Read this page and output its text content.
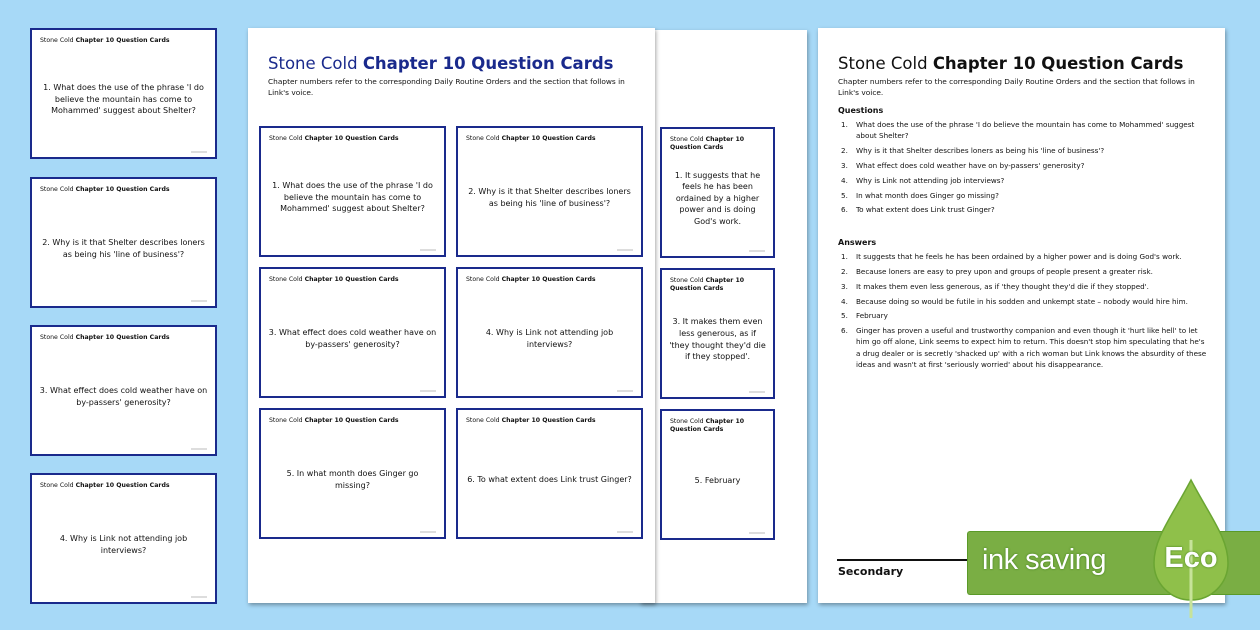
Stone Cold Chapter 10 Question Cards
1. What does the use of the phrase 'I do believe the mountain has come to Mohammed' suggest about Shelter?
Stone Cold Chapter 10 Question Cards
2. Why is it that Shelter describes loners as being his 'line of business'?
Stone Cold Chapter 10 Question Cards
3. What effect does cold weather have on by-passers' generosity?
Stone Cold Chapter 10 Question Cards
4. Why is Link not attending job interviews?
Stone Cold Chapter 10 Question Cards
1. It suggests that he feels he has been ordained by a higher power and is doing God's work.
Stone Cold Chapter 10 Question Cards
3. It makes them even less generous, as if 'they thought they'd die if they stopped'.
Stone Cold Chapter 10 Question Cards
5. February
Stone Cold Chapter 10 Question Cards
Chapter numbers refer to the corresponding Daily Routine Orders and the section that follows in Link's voice.
Stone Cold Chapter 10 Question Cards
1. What does the use of the phrase 'I do believe the mountain has come to Mohammed' suggest about Shelter?
Stone Cold Chapter 10 Question Cards
2. Why is it that Shelter describes loners as being his 'line of business'?
Stone Cold Chapter 10 Question Cards
3. What effect does cold weather have on by-passers' generosity?
Stone Cold Chapter 10 Question Cards
4. Why is Link not attending job interviews?
Stone Cold Chapter 10 Question Cards
5. In what month does Ginger go missing?
Stone Cold Chapter 10 Question Cards
6. To what extent does Link trust Ginger?
Stone Cold Chapter 10 Question Cards
Chapter numbers refer to the corresponding Daily Routine Orders and the section that follows in Link's voice.
Questions
1.	What does the use of the phrase 'I do believe the mountain has come to Mohammed' suggest about Shelter?
2.	Why is it that Shelter describes loners as being his 'line of business'?
3.	What effect does cold weather have on by-passers' generosity?
4.	Why is Link not attending job interviews?
5.	In what month does Ginger go missing?
6.	To what extent does Link trust Ginger?
Answers
1.	It suggests that he feels he has been ordained by a higher power and is doing God's work.
2.	Because loners are easy to prey upon and groups of people present a greater risk.
3.	It makes them even less generous, as if 'they thought they'd die if they stopped'.
4.	Because doing so would be futile in his sodden and unkempt state – nobody would hire him.
5.	February
6.	Ginger has proven a useful and trustworthy companion and even though it 'hurt like hell' to let him go off alone, Link seems to expect him to return. This doesn't stop him speculating that he's a drug dealer or is secretly 'shacked up' with a rich woman but Link knows the absurdity of these ideas and wasn't at first 'seriously worried' about his disappearance.
Secondary	ink saving	Eco
